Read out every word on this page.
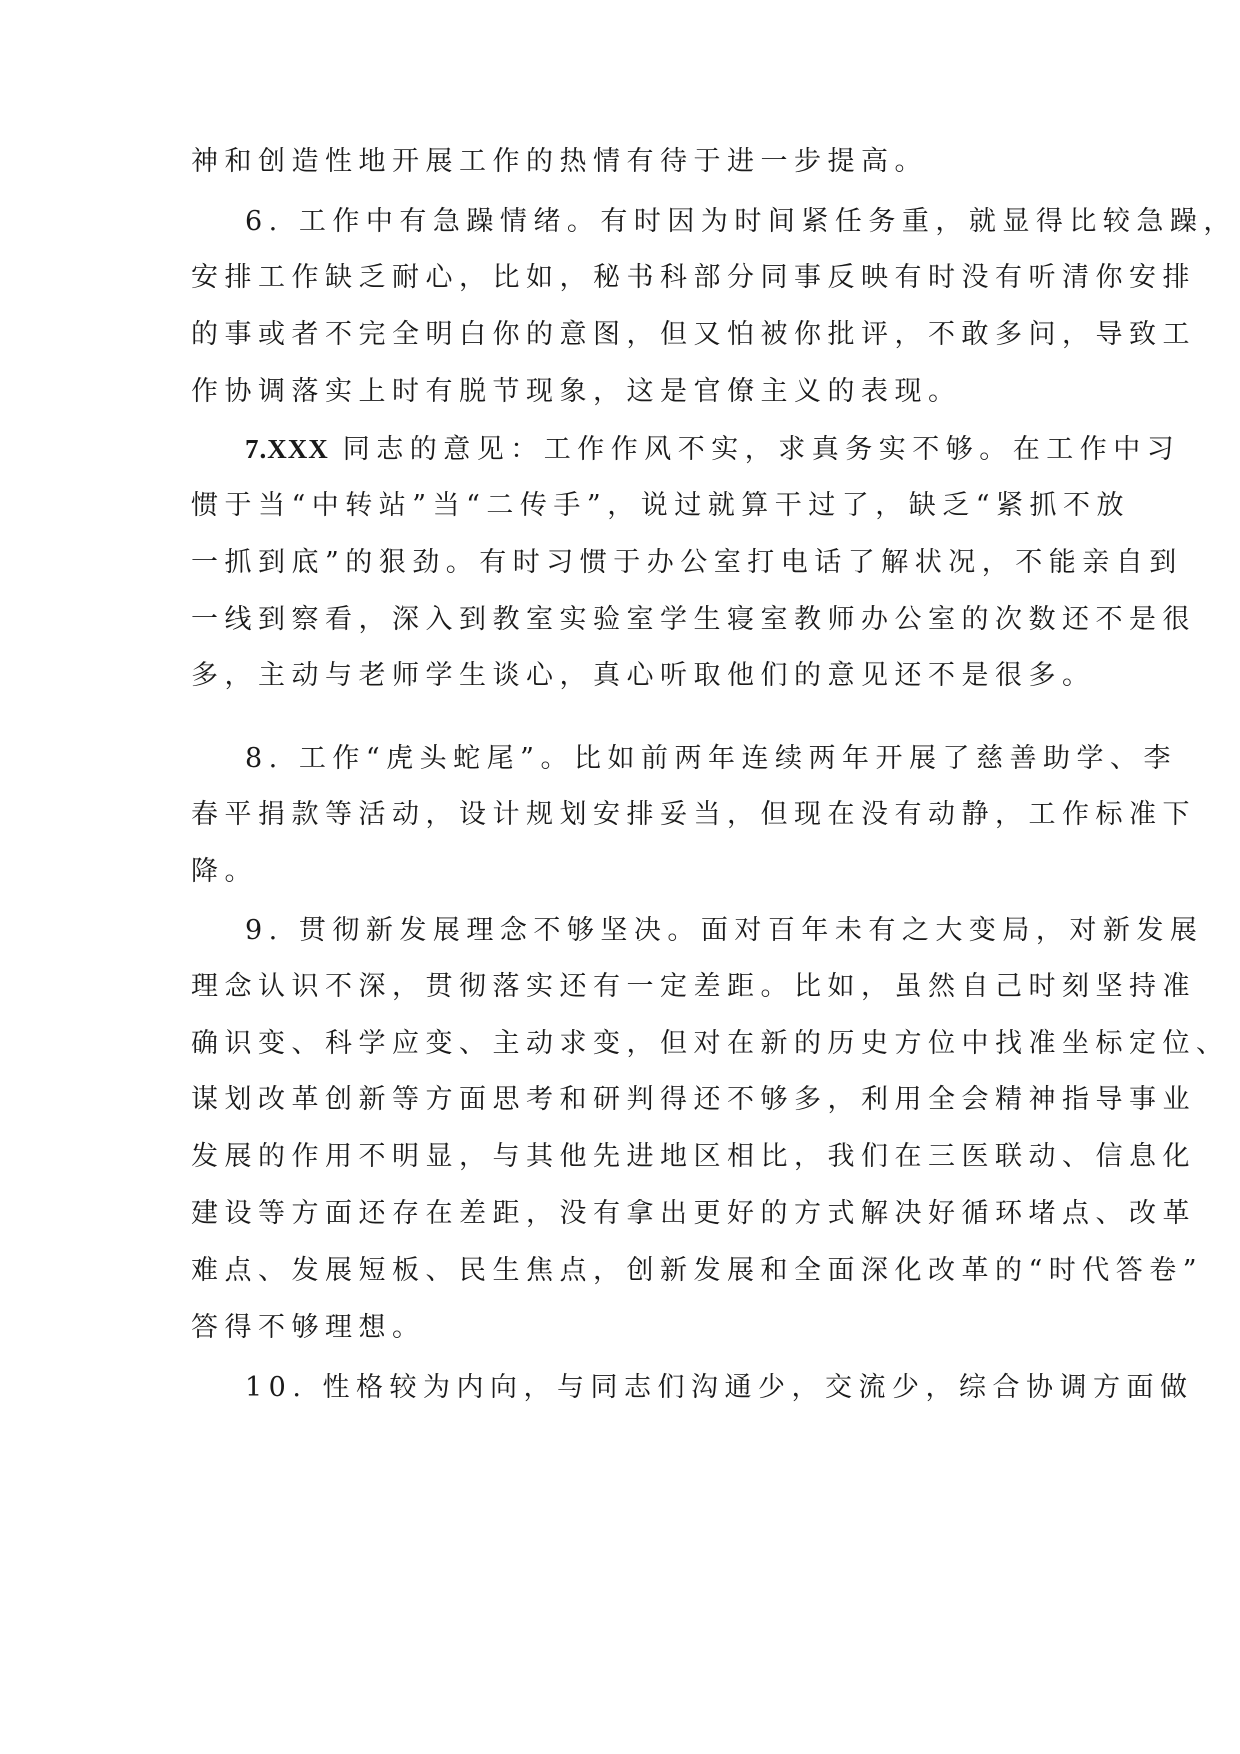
神和创造性地开展工作的热情有待于进一步提高。
6. 工作中有急躁情绪。有时因为时间紧任务重，就显得比较急躁，
安排工作缺乏耐心，比如，秘书科部分同事反映有时没有听清你安排
的事或者不完全明白你的意图，但又怕被你批评，不敢多问，导致工
作协调落实上时有脱节现象，这是官僚主义的表现。
7.XXX 同志的意见：工作作风不实，求真务实不够。在工作中习
惯于当“中转站”当“二传手”，说过就算干过了，缺乏“紧抓不放
一抓到底”的狠劲。有时习惯于办公室打电话了解状况，不能亲自到
一线到察看，深入到教室实验室学生寝室教师办公室的次数还不是很
多，主动与老师学生谈心，真心听取他们的意见还不是很多。
8. 工作“虎头蛇尾”。比如前两年连续两年开展了慈善助学、李
春平捐款等活动，设计规划安排妥当，但现在没有动静，工作标准下
降。
9. 贯彻新发展理念不够坚决。面对百年未有之大变局，对新发展
理念认识不深，贯彻落实还有一定差距。比如，虽然自己时刻坚持准
确识变、科学应变、主动求变，但对在新的历史方位中找准坐标定位、
谋划改革创新等方面思考和研判得还不够多，利用全会精神指导事业
发展的作用不明显，与其他先进地区相比，我们在三医联动、信息化
建设等方面还存在差距，没有拿出更好的方式解决好循环堵点、改革
难点、发展短板、民生焦点，创新发展和全面深化改革的“时代答卷”
答得不够理想。
10. 性格较为内向，与同志们沟通少，交流少，综合协调方面做
